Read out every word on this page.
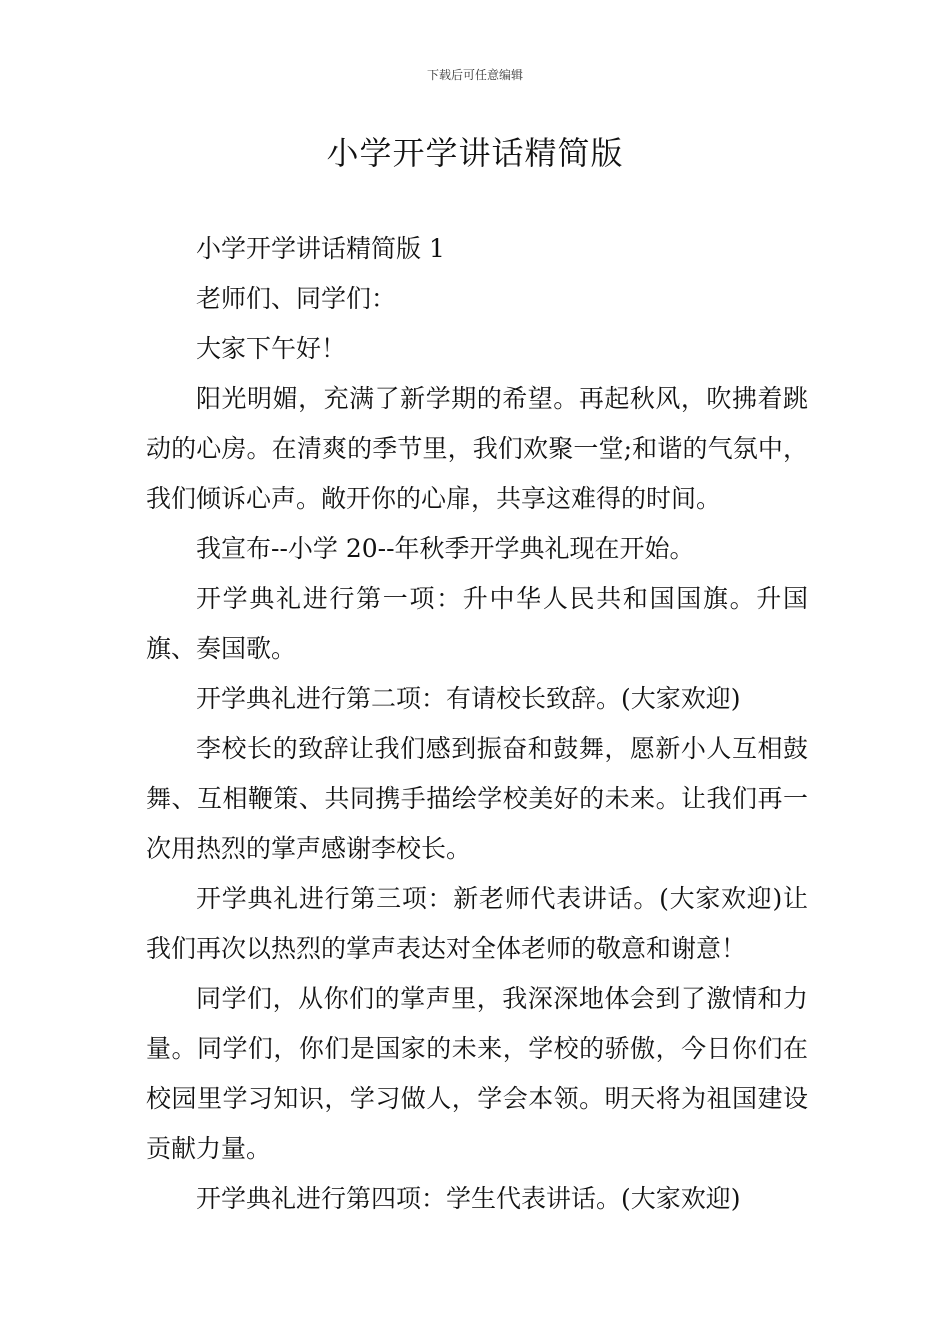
下载后可任意编辑
小学开学讲话精简版

小学开学讲话精简版 1

老师们、同学们：

大家下午好！

阳光明媚，充满了新学期的希望。再起秋风，吹拂着跳动的心房。在清爽的季节里，我们欢聚一堂;和谐的气氛中，我们倾诉心声。敞开你的心扉，共享这难得的时间。

我宣布--小学 20--年秋季开学典礼现在开始。

开学典礼进行第一项：升中华人民共和国国旗。升国旗、奏国歌。

开学典礼进行第二项：有请校长致辞。(大家欢迎)

李校长的致辞让我们感到振奋和鼓舞，愿新小人互相鼓舞、互相鞭策、共同携手描绘学校美好的未来。让我们再一次用热烈的掌声感谢李校长。

开学典礼进行第三项：新老师代表讲话。(大家欢迎)让我们再次以热烈的掌声表达对全体老师的敬意和谢意！

同学们，从你们的掌声里，我深深地体会到了激情和力量。同学们，你们是国家的未来，学校的骄傲，今日你们在校园里学习知识，学习做人，学会本领。明天将为祖国建设贡献力量。

开学典礼进行第四项：学生代表讲话。(大家欢迎)
